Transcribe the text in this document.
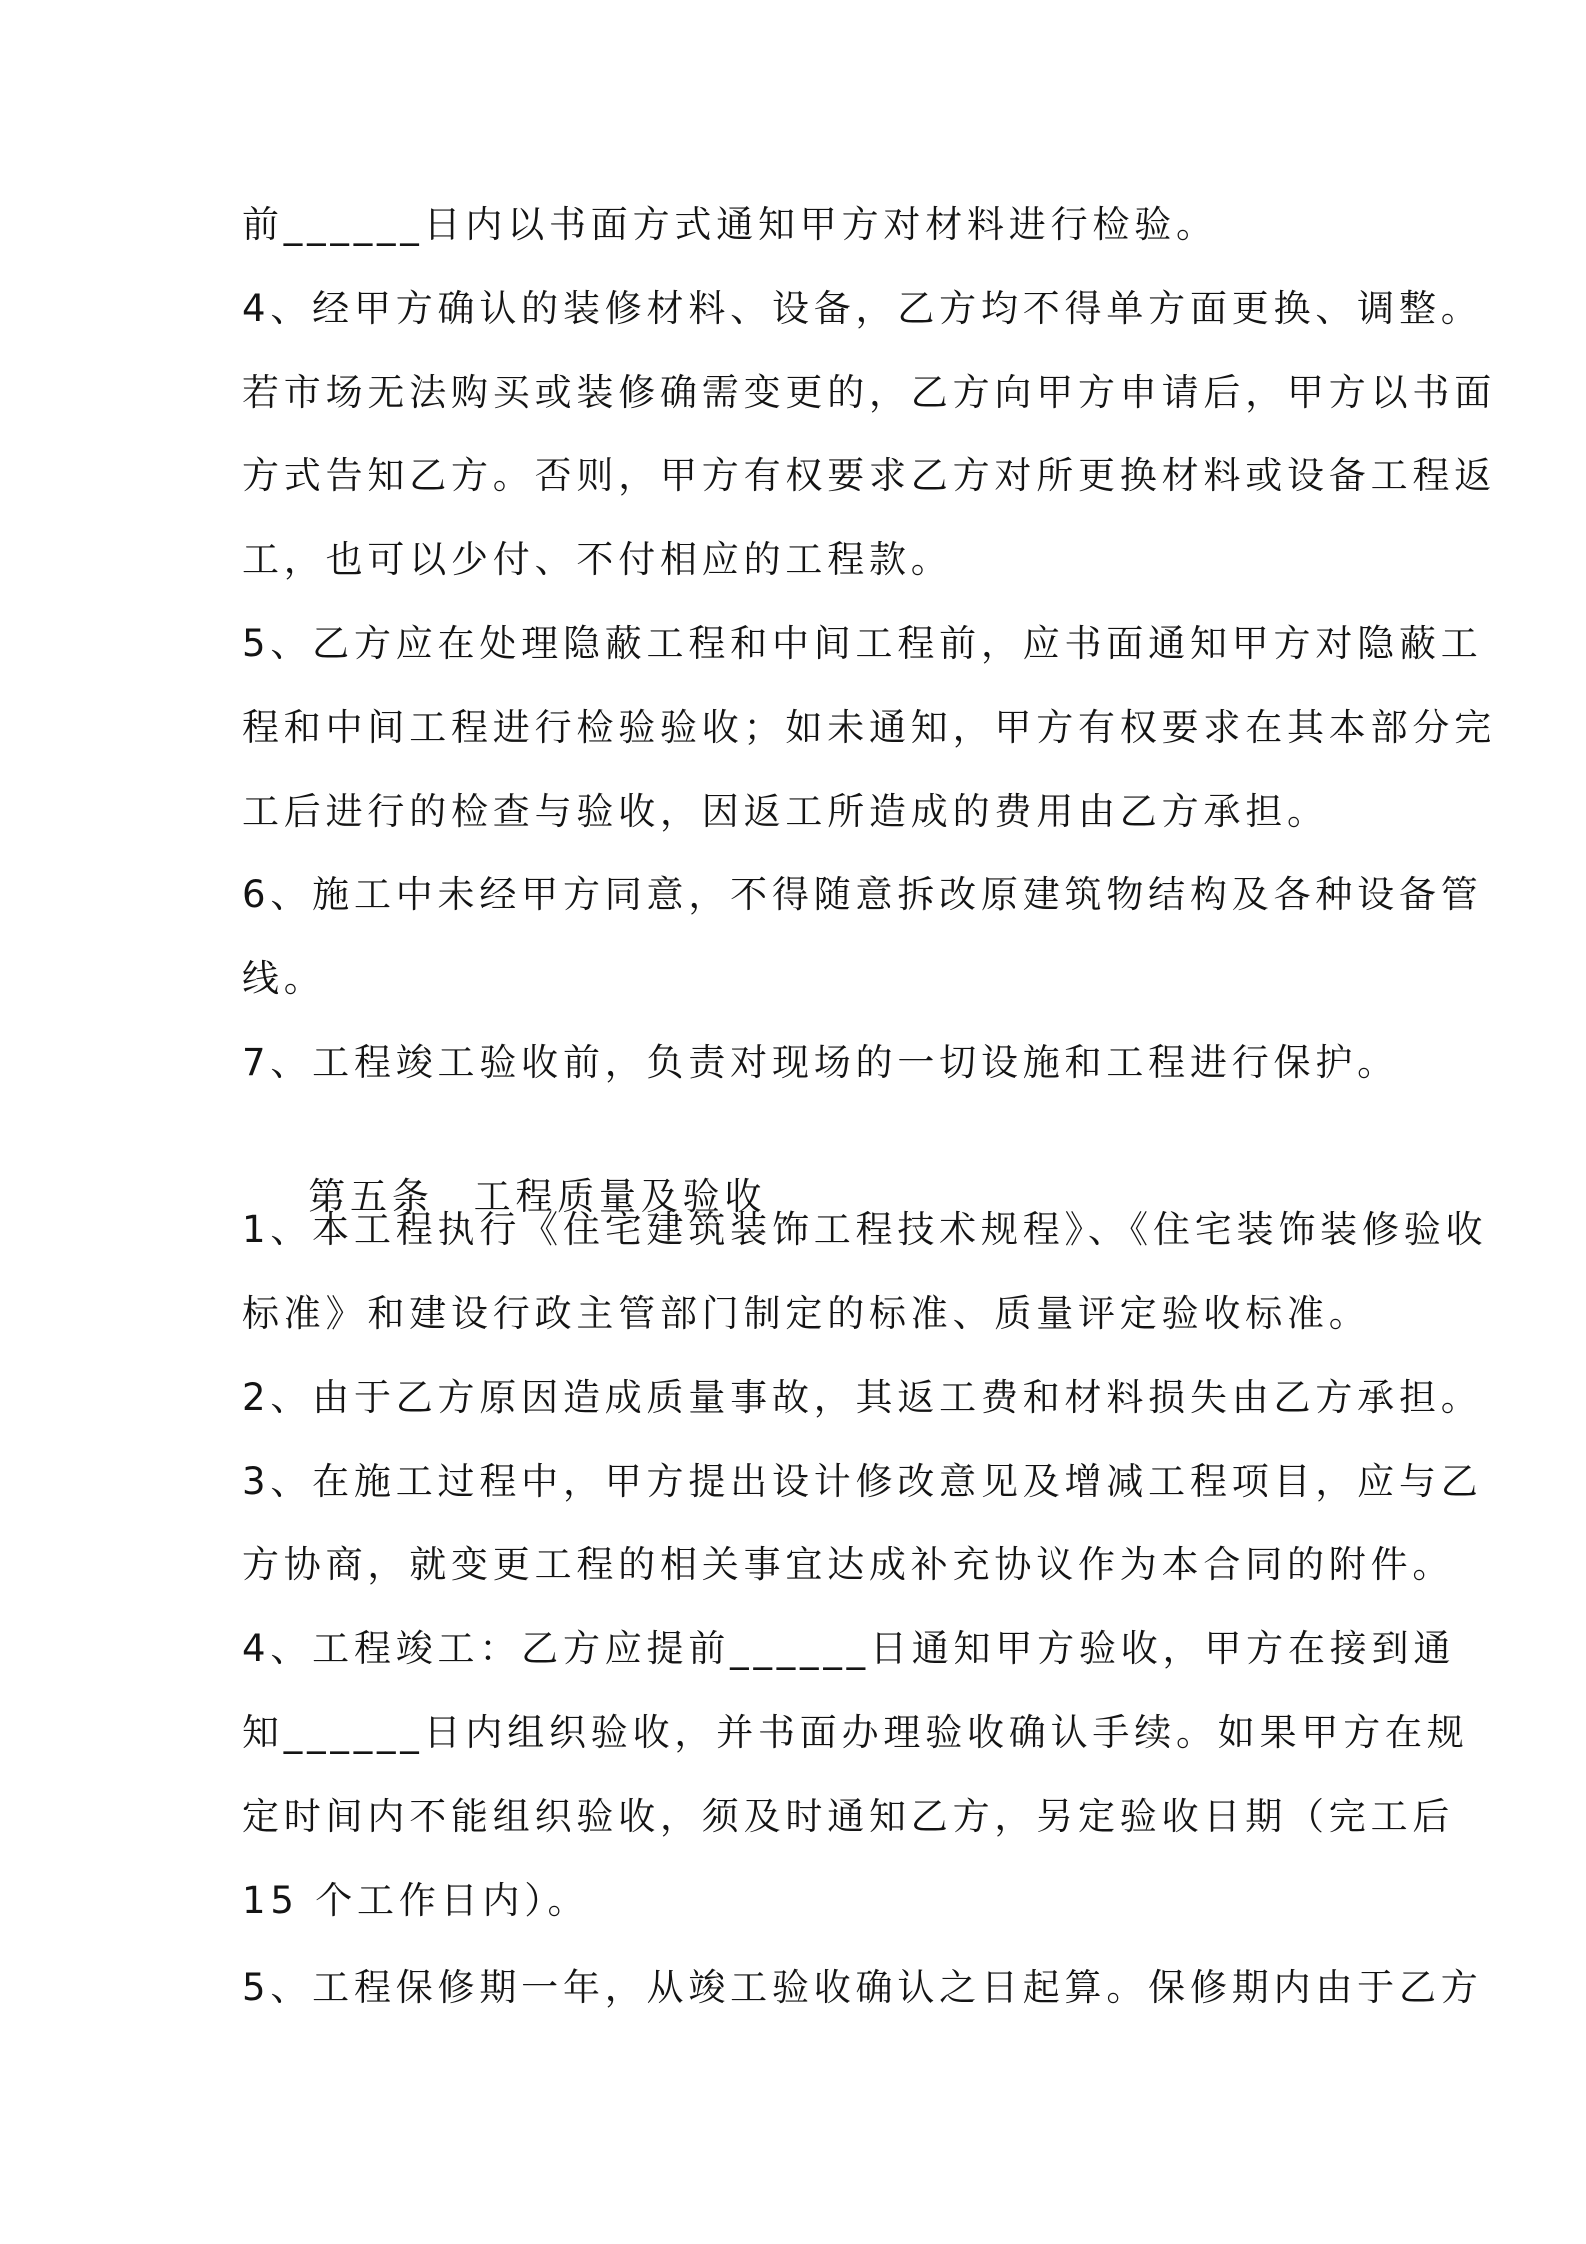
前______日内以书面方式通知甲方对材料进行检验。
4、经甲方确认的装修材料、设备，乙方均不得单方面更换、调整。
若市场无法购买或装修确需变更的，乙方向甲方申请后，甲方以书面
方式告知乙方。否则，甲方有权要求乙方对所更换材料或设备工程返
工，也可以少付、不付相应的工程款。
5、乙方应在处理隐蔽工程和中间工程前，应书面通知甲方对隐蔽工
程和中间工程进行检验验收；如未通知，甲方有权要求在其本部分完
工后进行的检查与验收，因返工所造成的费用由乙方承担。
6、施工中未经甲方同意，不得随意拆改原建筑物结构及各种设备管
线。
7、工程竣工验收前，负责对现场的一切设施和工程进行保护。

第五条 工程质量及验收

1、本工程执行《住宅建筑装饰工程技术规程》、《住宅装饰装修验收
标准》和建设行政主管部门制定的标准、质量评定验收标准。
2、由于乙方原因造成质量事故，其返工费和材料损失由乙方承担。
3、在施工过程中，甲方提出设计修改意见及增减工程项目，应与乙
方协商，就变更工程的相关事宜达成补充协议作为本合同的附件。
4、工程竣工：乙方应提前______日通知甲方验收，甲方在接到通
知______日内组织验收，并书面办理验收确认手续。如果甲方在规
定时间内不能组织验收，须及时通知乙方，另定验收日期（完工后
15 个工作日内）。
5、工程保修期一年，从竣工验收确认之日起算。保修期内由于乙方
